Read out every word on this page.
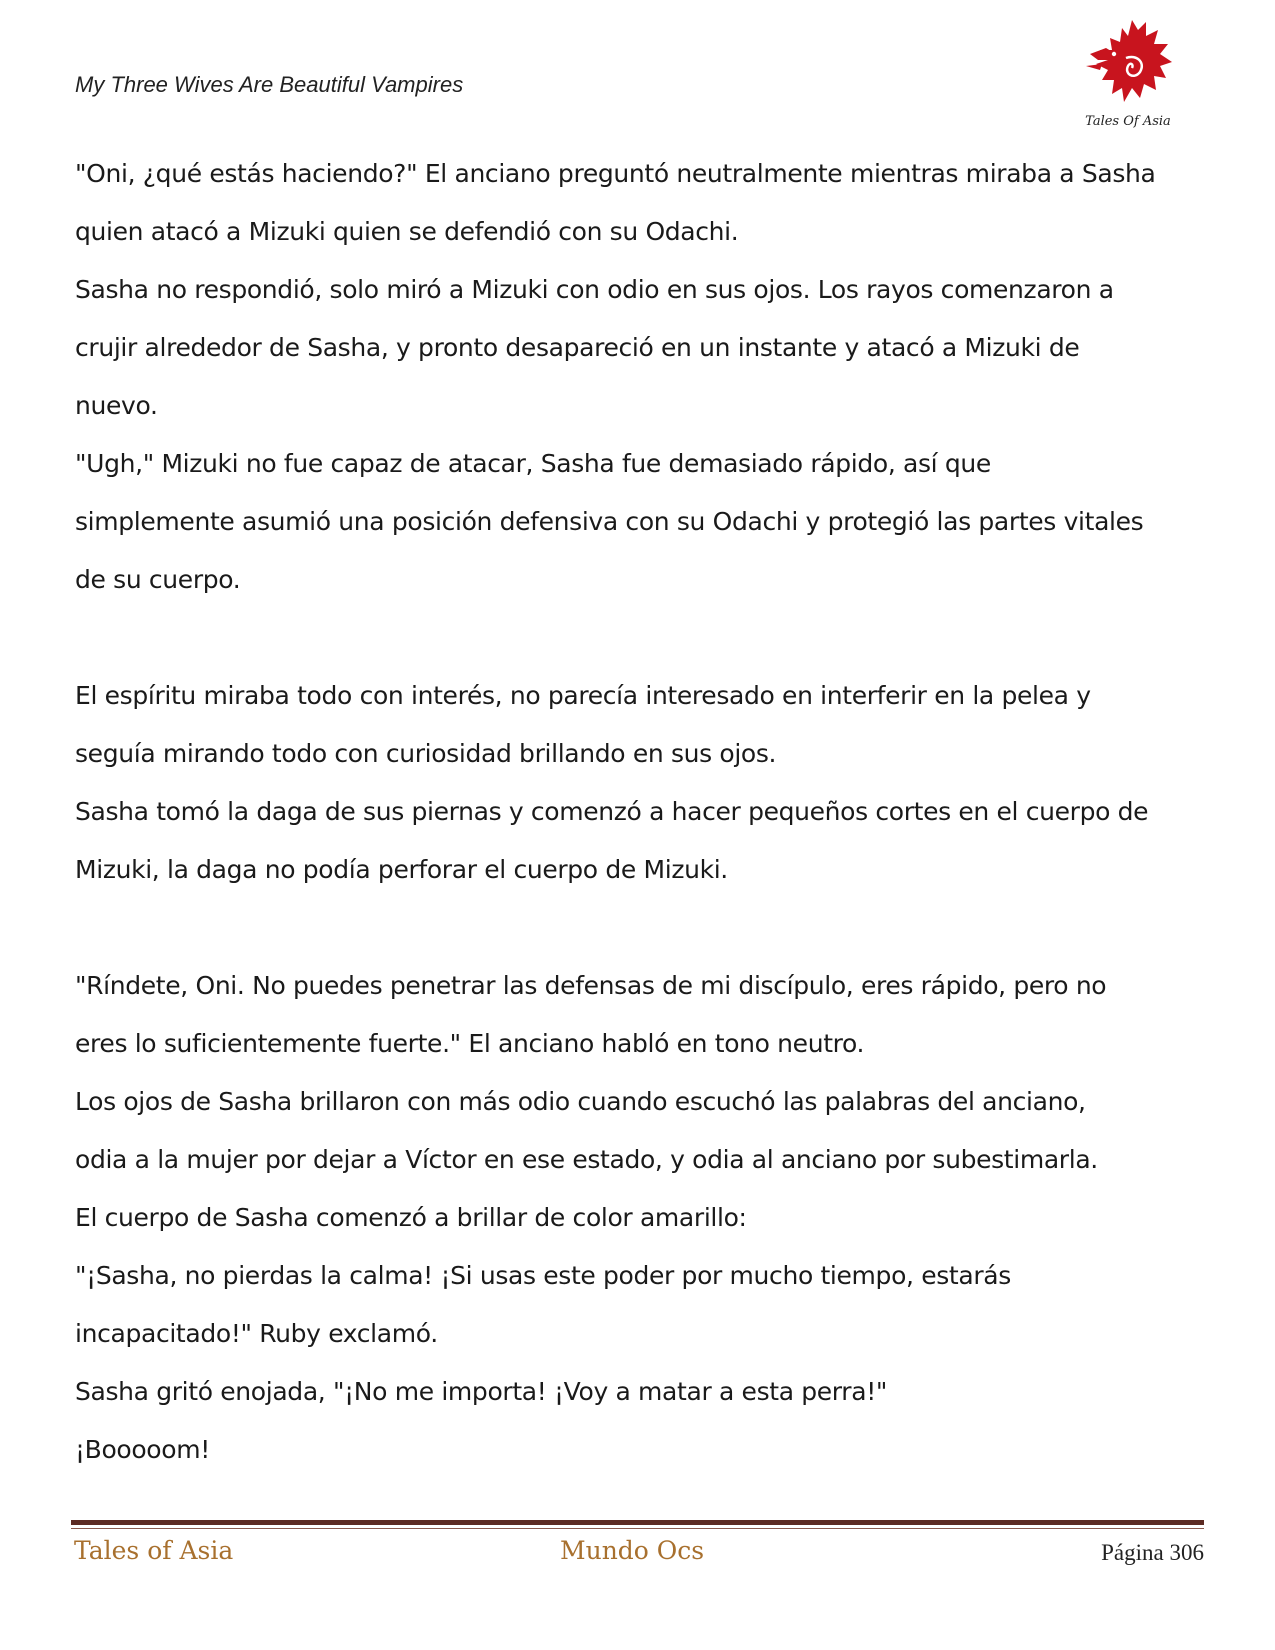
My Three Wives Are Beautiful Vampires
Tales Of Asia

"Oni, ¿qué estás haciendo?" El anciano preguntó neutralmente mientras miraba a Sasha

quien atacó a Mizuki quien se defendió con su Odachi.

Sasha no respondió, solo miró a Mizuki con odio en sus ojos. Los rayos comenzaron a

crujir alrededor de Sasha, y pronto desapareció en un instante y atacó a Mizuki de

nuevo.

"Ugh," Mizuki no fue capaz de atacar, Sasha fue demasiado rápido, así que

simplemente asumió una posición defensiva con su Odachi y protegió las partes vitales

de su cuerpo.

El espíritu miraba todo con interés, no parecía interesado en interferir en la pelea y

seguía mirando todo con curiosidad brillando en sus ojos.

Sasha tomó la daga de sus piernas y comenzó a hacer pequeños cortes en el cuerpo de

Mizuki, la daga no podía perforar el cuerpo de Mizuki.

"Ríndete, Oni. No puedes penetrar las defensas de mi discípulo, eres rápido, pero no

eres lo suficientemente fuerte." El anciano habló en tono neutro.

Los ojos de Sasha brillaron con más odio cuando escuchó las palabras del anciano,

odia a la mujer por dejar a Víctor en ese estado, y odia al anciano por subestimarla.

El cuerpo de Sasha comenzó a brillar de color amarillo:

"¡Sasha, no pierdas la calma! ¡Si usas este poder por mucho tiempo, estarás

incapacitado!" Ruby exclamó.

Sasha gritó enojada, "¡No me importa! ¡Voy a matar a esta perra!"

¡Booooom!

Tales of Asia	Mundo Ocs	Página 306
